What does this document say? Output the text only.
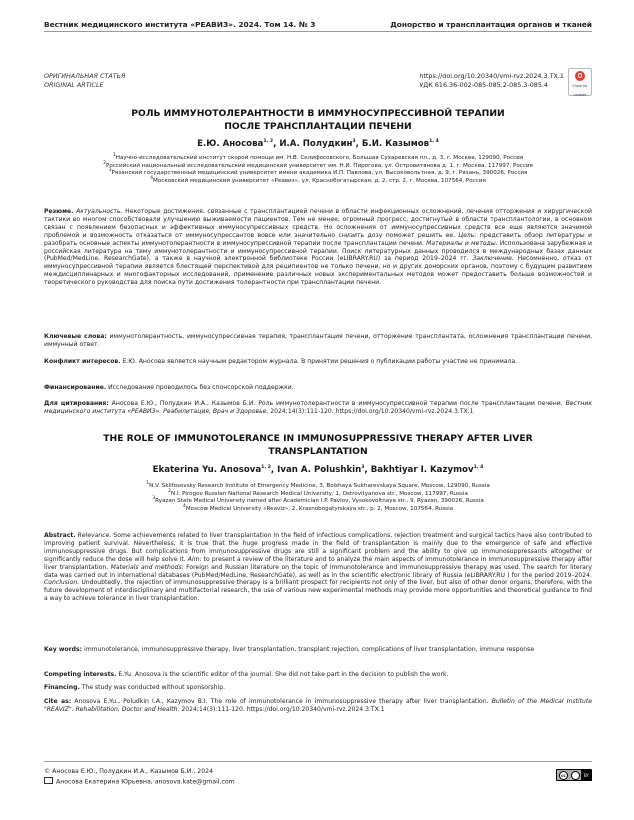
Вестник медицинского института «РЕАВИЗ». 2024. Том 14. № 3	Донорство и трансплантация органов и тканей
ОРИГИНАЛЬНАЯ СТАТЬЯ
ORIGINAL ARTICLE
https://doi.org/10.20340/vmi-rvz.2024.3.TX.1
УДК 616.36-002-085-085.2-085.3-085.4	Check for updates
РОЛЬ ИММУНОТОЛЕРАНТНОСТИ В ИММУНОСУПРЕССИВНОЙ ТЕРАПИИ
ПОСЛЕ ТРАНСПЛАНТАЦИИ ПЕЧЕНИ
Е.Ю. Аносова$^{1, 2}$, И.А. Полудкин$^3$, Б.И. Казымов$^{1, 4}$
$^1$Научно-исследовательский институт скорой помощи им. Н.В. Склифосовского, Большая Сухаревская пл., д. 3, г. Москва, 129090, Россия
$^2$Российский национальный исследовательский медицинский университет им. Н.И. Пирогова, ул. Островитянова д. 1, г. Москва, 117997, Россия
$^3$Рязанский государственный медицинский университет имени академика И.П. Павлова, ул. Высоковольтная, д. 9, г. Рязань, 390026, Россия
$^4$Московский медицинский университет «Реавиз», ул. Краснобогатырская, д. 2, стр. 2, г. Москва, 107564, Россия
Резюме. Актуальность. Некоторые достижения, связанные с трансплантацией печени в области инфекционных осложнений, лечения отторжения и хирургической тактики во многом способствовали улучшению выживаемости пациентов. Тем не менее, огромный прогресс, достигнутый в области трансплантологии, в основном связан с появлением безопасных и эффективных иммуносупрессивных средств. Но осложнения от иммуносупрессивных средств все еще являются значимой проблемой и возможность отказаться от иммуносупрессантов вовсе или значительно снизить дозу поможет решить ее. Цель: представить обзор литературы и разобрать основные аспекты иммунотолерантности в иммуносупрессивной терапии после трансплантации печени. Материалы и методы. Использована зарубежная и российская литература на тему иммунотолерантности и иммуносупрессивной терапии. Поиск литературных данных проводился в международных базах данных (PubMed/MedLine, ResearchGate), а также в научной электронной библиотеке России (eLIBRARY.RU) за период 2019–2024 гг. Заключение. Несомненно, отказ от иммуносупрессивной терапии является блестящей перспективой для реципиентов не только печени, но и других донорских органов, поэтому с будущим развитием междисциплинарных и многофакторных исследований, применение различных новых экспериментальных методов может предоставить больше возможностей и теоретического руководства для поиска пути достижения толерантности при трансплантации печени.
Ключевые слова: иммунотолерантность, иммуносупрессивная терапия, трансплантация печени, отторжение трансплантата, осложнения трансплантации печени, иммунный ответ.
Конфликт интересов. Е.Ю. Аносова является научным редактором журнала. В принятии решения о публикации работы участие не принимала.
Финансирование. Исследование проводилось без спонсорской поддержки.
Для цитирования: Аносова Е.Ю., Полудкин И.А., Казымов Б.И. Роль иммунотолерантности в иммуносупрессивной терапии после трансплантации печени. Вестник медицинского института «РЕАВИЗ». Реабилитация, Врач и Здоровье. 2024;14(3):111-120. https://doi.org/10.20340/vmi-rvz.2024.3.TX.1
THE ROLE OF IMMUNOTOLERANCE IN IMMUNOSUPPRESSIVE THERAPY AFTER LIVER
TRANSPLANTATION
Ekaterina Yu. Anosova$^{1, 2}$, Ivan A. Polushkin$^3$, Bakhtiyar I. Kazymov$^{1, 4}$
$^1$N.V. Sklifosovsky Research Institute of Emergency Medicine, 3, Bolshaya Sukharevskaya Square, Moscow, 129090, Russia
$^2$N.I. Pirogov Russian National Research Medical University, 1, Ostrovityanova str., Moscow, 117997, Russia
$^3$Ryazan State Medical University named after Academician I.P. Pavlov, Vysokovoltnaya str., 9, Ryazan, 390026, Russia
$^4$Moscow Medical University «Reaviz», 2, Krasnobogatyrskaya str., p. 2, Moscow, 107564, Russia
Abstract. Relevance. Some achievements related to liver transplantation in the field of infectious complications, rejection treatment and surgical tactics have also contributed to improving patient survival. Nevertheless, it is true that the huge progress made in the field of transplantation is mainly due to the emergence of safe and effective immunosuppressive drugs. But complications from immunosuppressive drugs are still a significant problem and the ability to give up immunosuppressants altogether or significantly reduce the dose will help solve it. Aim: to present a review of the literature and to analyze the main aspects of immunotolerance in immunosuppressive therapy after liver transplantation. Materials and methods: Foreign and Russian literature on the topic of immunotolerance and immunosuppressive therapy was used. The search for literary data was carried out in international databases (PubMed/MedLine, ResearchGate), as well as in the scientific electronic library of Russia (eLIBRARY.RU ) for the period 2019–2024. Conclusion. Undoubtedly, the rejection of immunosuppressive therapy is a brilliant prospect for recipients not only of the liver, but also of other donor organs, therefore, with the future development of interdisciplinary and multifactorial research, the use of various new experimental methods may provide more opportunities and theoretical guidance to find a way to achieve tolerance in liver transplantation.
Key words: immunotolerance, immunosuppressive therapy, liver transplantation, transplant rejection, complications of liver transplantation, immune response
Competing interests. E.Yu. Anosova is the scientific editor of the journal. She did not take part in the decision to publish the work.
Financing. The study was conducted without sponsorship.
Cite as: Anosova E.Yu., Poludkin I.A., Kazymov B.I. The role of immunotolerance in immunosuppressive therapy after liver transplantation. Bulletin of the Medical Institute "REAVIZ". Rehabilitation, Doctor and Health. 2024;14(3):111-120. https://doi.org/10.20340/vmi-rvz.2024.3.TX.1
© Аносова Е.Ю., Полудкин И.А., Казымов Б.И., 2024
Аносова Екатерина Юрьевна, anosova.kate@gmail.com
cc	BY
